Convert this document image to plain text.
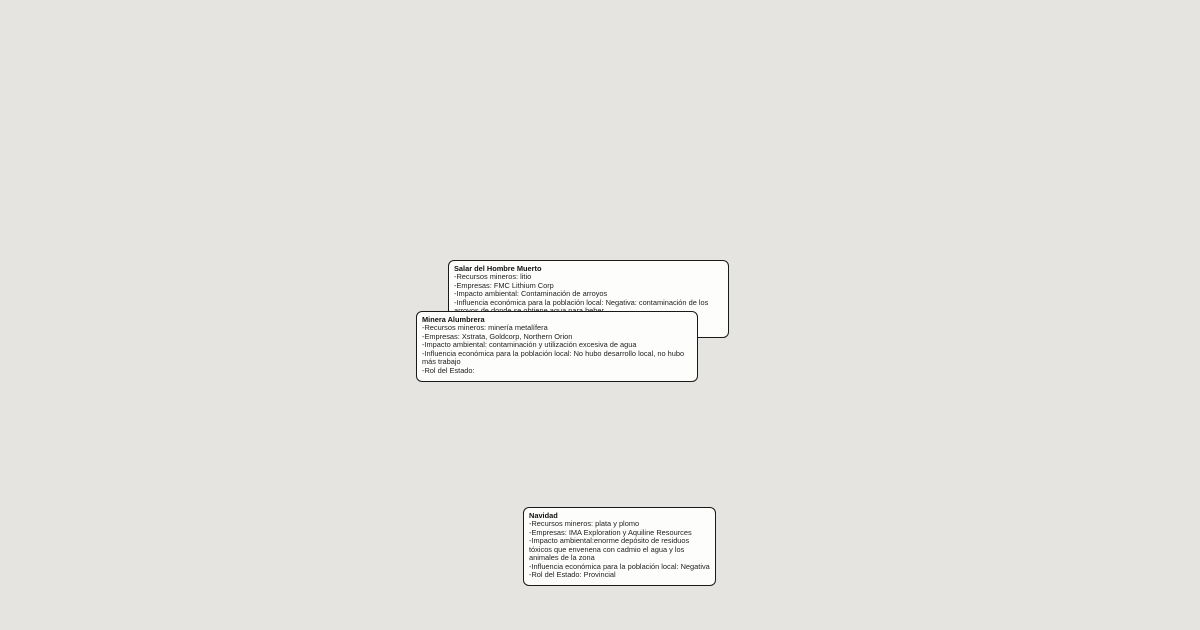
Salar del Hombre Muerto
-Recursos mineros: litio
-Empresas: FMC Lithium Corp
-Impacto ambiental: Contaminación de arroyos
-Influencia económica para la población local: Negativa: contaminación de los
Minera Alumbrera
-Recursos mineros: minería metalífera
-Empresas: Xstrata, Goldcorp, Northern Orion
-Impacto ambiental: contaminación y utilización excesiva de agua
-Influencia económica para la población local: No hubo desarrollo local, no hubo más trabajo
-Rol del Estado:
Navidad
-Recursos mineros: plata y plomo
-Empresas: IMA Exploration y Aquiline Resources
-Impacto ambiental:enorme depósito de residuos tóxicos que envenena con cadmio el agua y los animales de la zona
-Influencia económica para la población local: Negativa
-Rol del Estado: Provincial
